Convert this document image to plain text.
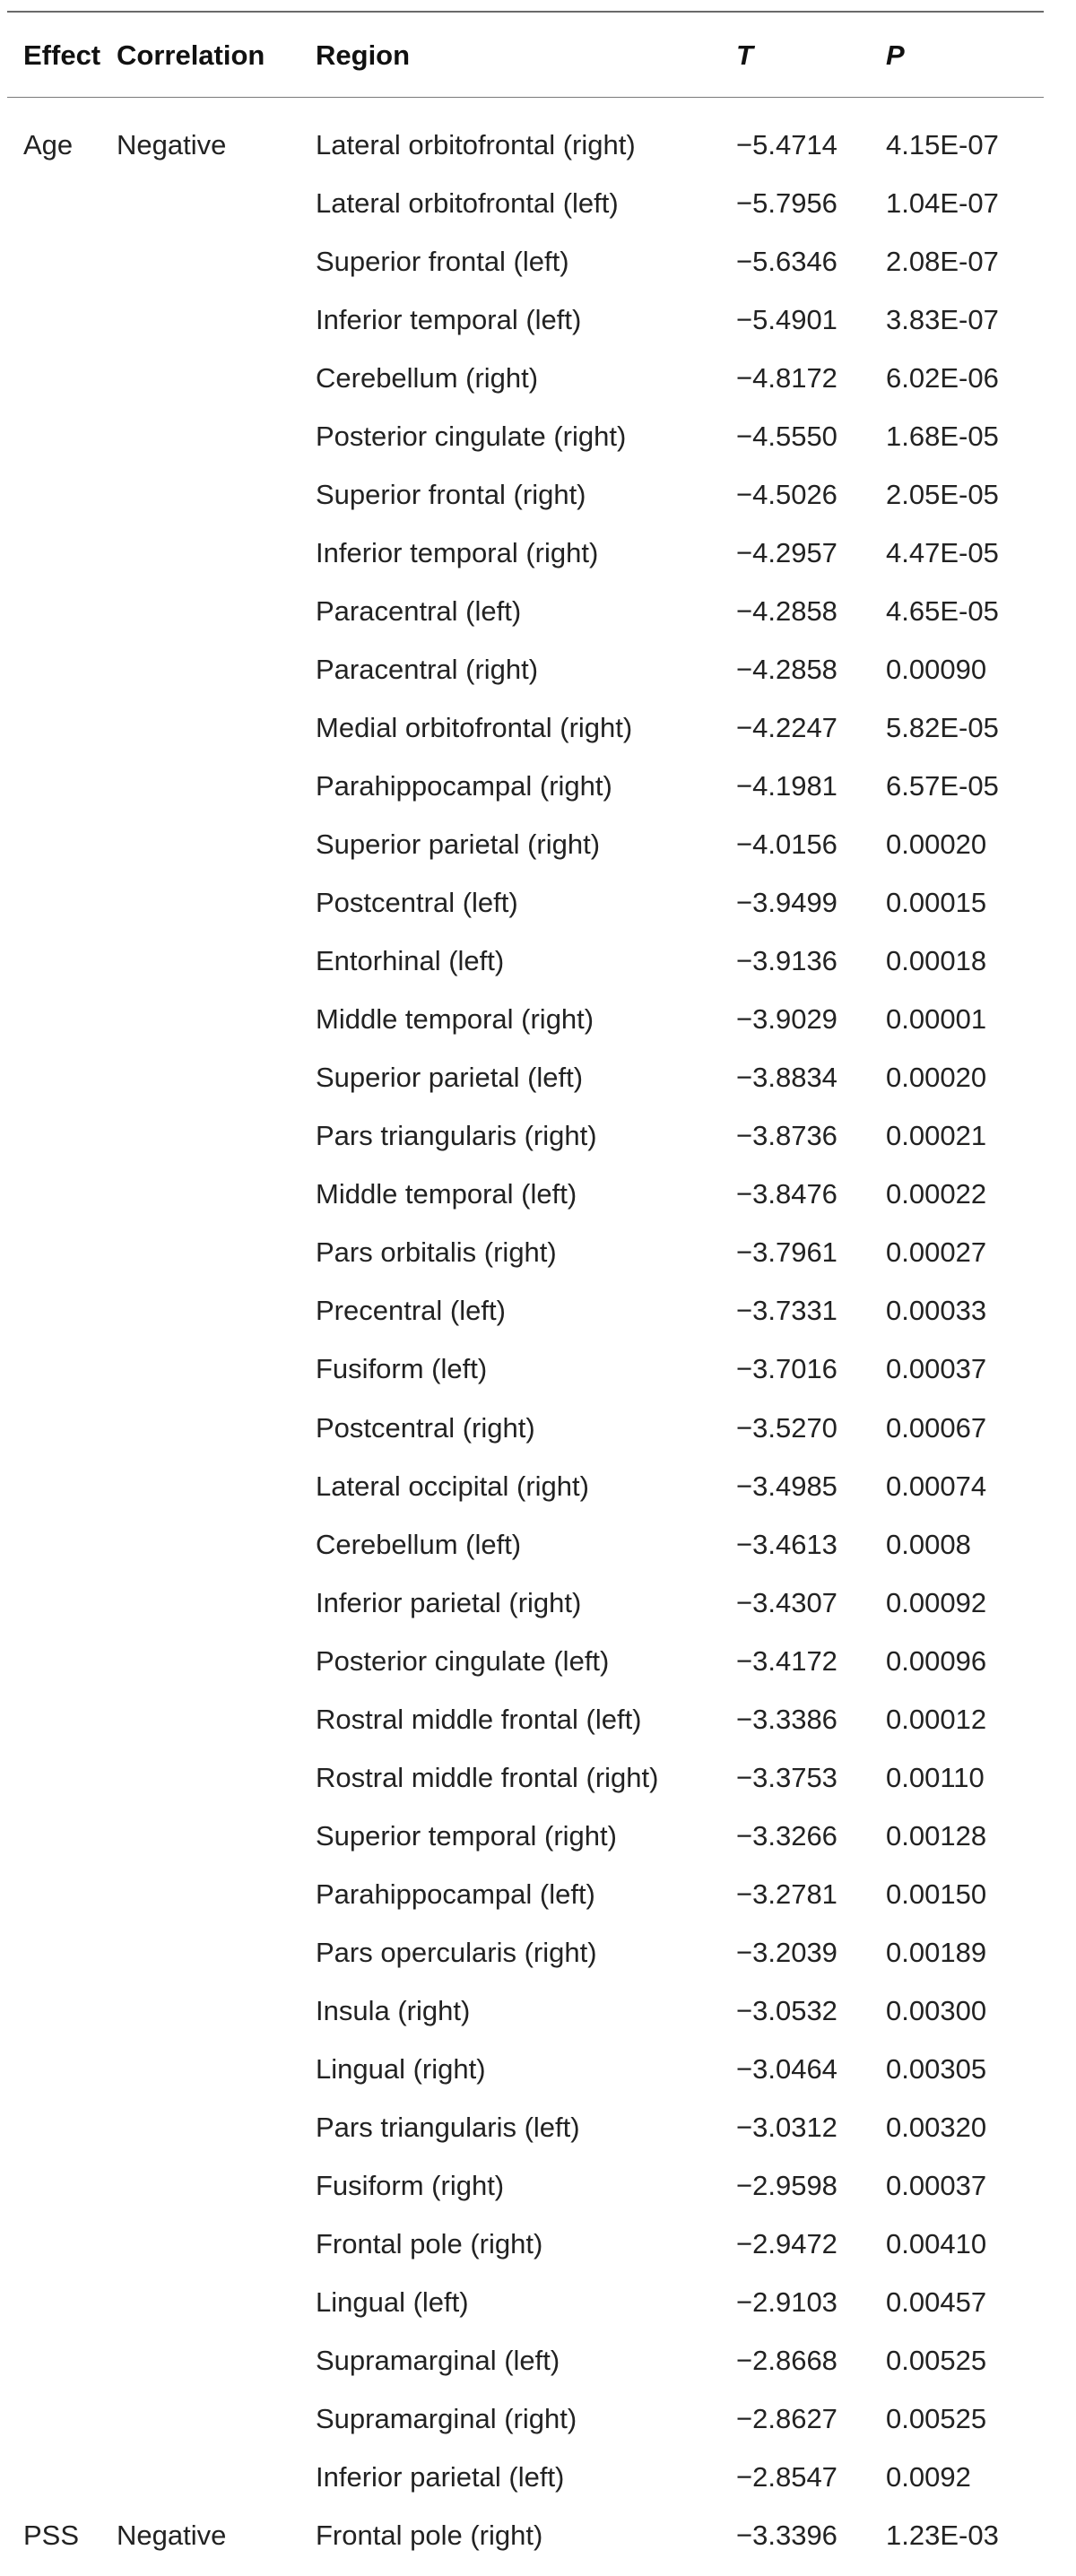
Effect	Correlation	Region	T	P
Age	Negative	Lateral orbitofrontal (right)	−5.4714	4.15E-07
		Lateral orbitofrontal (left)	−5.7956	1.04E-07
		Superior frontal (left)	−5.6346	2.08E-07
		Inferior temporal (left)	−5.4901	3.83E-07
		Cerebellum (right)	−4.8172	6.02E-06
		Posterior cingulate (right)	−4.5550	1.68E-05
		Superior frontal (right)	−4.5026	2.05E-05
		Inferior temporal (right)	−4.2957	4.47E-05
		Paracentral (left)	−4.2858	4.65E-05
		Paracentral (right)	−4.2858	0.00090
		Medial orbitofrontal (right)	−4.2247	5.82E-05
		Parahippocampal (right)	−4.1981	6.57E-05
		Superior parietal (right)	−4.0156	0.00020
		Postcentral (left)	−3.9499	0.00015
		Entorhinal (left)	−3.9136	0.00018
		Middle temporal (right)	−3.9029	0.00001
		Superior parietal (left)	−3.8834	0.00020
		Pars triangularis (right)	−3.8736	0.00021
		Middle temporal (left)	−3.8476	0.00022
		Pars orbitalis (right)	−3.7961	0.00027
		Precentral (left)	−3.7331	0.00033
		Fusiform (left)	−3.7016	0.00037
		Postcentral (right)	−3.5270	0.00067
		Lateral occipital (right)	−3.4985	0.00074
		Cerebellum (left)	−3.4613	0.0008
		Inferior parietal (right)	−3.4307	0.00092
		Posterior cingulate (left)	−3.4172	0.00096
		Rostral middle frontal (left)	−3.3386	0.00012
		Rostral middle frontal (right)	−3.3753	0.00110
		Superior temporal (right)	−3.3266	0.00128
		Parahippocampal (left)	−3.2781	0.00150
		Pars opercularis (right)	−3.2039	0.00189
		Insula (right)	−3.0532	0.00300
		Lingual (right)	−3.0464	0.00305
		Pars triangularis (left)	−3.0312	0.00320
		Fusiform (right)	−2.9598	0.00037
		Frontal pole (right)	−2.9472	0.00410
		Lingual (left)	−2.9103	0.00457
		Supramarginal (left)	−2.8668	0.00525
		Supramarginal (right)	−2.8627	0.00525
		Inferior parietal (left)	−2.8547	0.0092
PSS	Negative	Frontal pole (right)	−3.3396	1.23E-03
